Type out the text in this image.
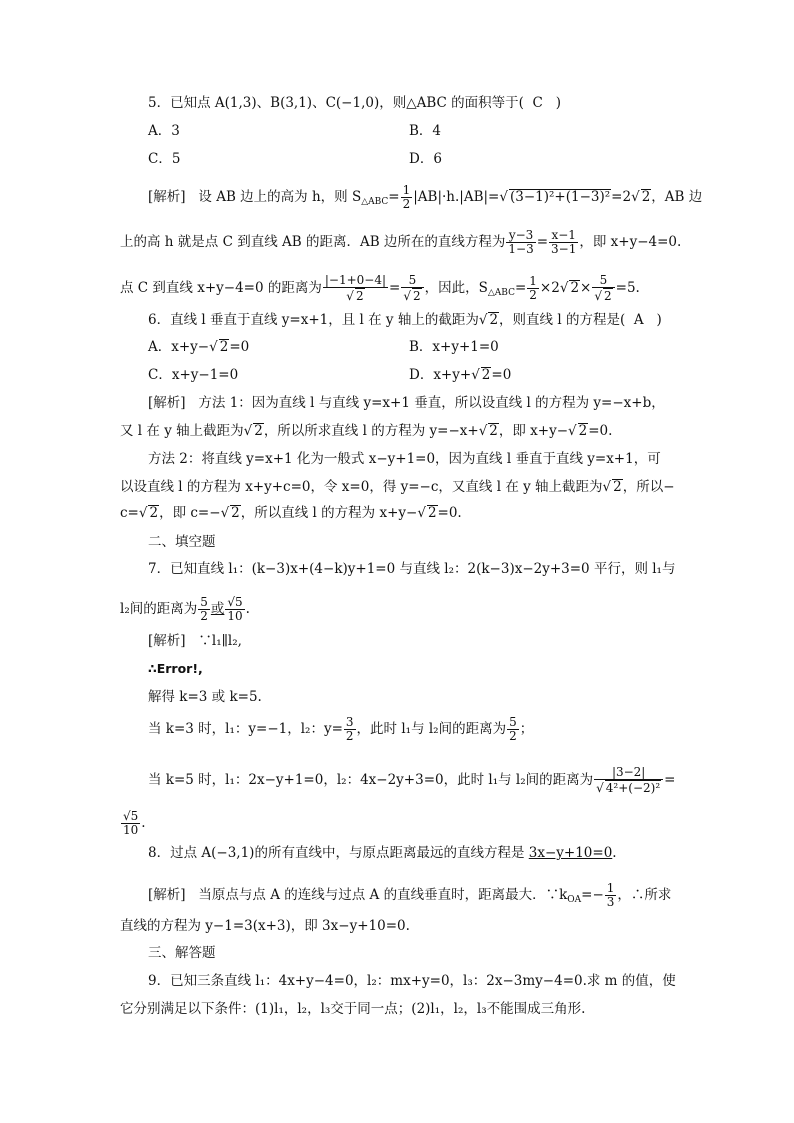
5．已知点 A(1,3)、B(3,1)、C(−1,0)，则△ABC 的面积等于( C )
A．3	B．4
C．5	D．6
[解析] 设 AB 边上的高为 h，则 $S_{\triangle ABC}= \frac{1}{2} |AB|\cdot h.|AB|=√$ (3−1)²+(1−3)²=2√ 2，AB 边
上的高 h 就是点 C 到直线 AB 的距离．AB 边所在的直线方程为 $\frac{y-3}{1-3} = \frac{x-1}{3-1}$ ，即 x+y−4=0.
点 C 到直线 x+y−4=0 的距离为 $\frac{|-1+0-4|}{√ 2} = \frac{5}{√ 2}$ ，因此，$S_{\triangle ABC}= \frac{1}{2} \times 2√$ $2\times \frac{5}{√ 2} =5$.
6．直线 l 垂直于直线 y=x+1，且 l 在 y 轴上的截距为√ 2，则直线 l 的方程是( A )
A．x+y−√ 2=0	B．x+y+1=0
C．x+y−1=0	D．x+y+√ 2=0
[解析] 方法 1：因为直线 l 与直线 y=x+1 垂直，所以设直线 l 的方程为 y=−x+b，
又 l 在 y 轴上截距为√ 2，所以所求直线 l 的方程为 y=−x+√ 2，即 x+y−√ 2=0.
方法 2：将直线 y=x+1 化为一般式 x−y+1=0，因为直线 l 垂直于直线 y=x+1，可
以设直线 l 的方程为 x+y+c=0，令 x=0，得 y=−c，又直线 l 在 y 轴上截距为√ 2，所以−
c=√ 2，即 c=−√ 2，所以直线 l 的方程为 x+y−√ 2=0.
二、填空题
7．已知直线 l₁：(k−3)x+(4−k)y+1=0 与直线 l₂：2(k−3)x−2y+3=0 平行，则 l₁与
l₂间的距离为 $\frac{5}{2}$ 或 $\frac{√5}{10}$ .
[解析] ∵l₁∥l₂,
∴Error!,
解得 k=3 或 k=5.
当 k=3 时，l₁：y=−1，l₂：$y= \frac{3}{2}$ ，此时 l₁与 l₂间的距离为 $\frac{5}{2}$ ；
当 k=5 时，l₁：2x−y+1=0，l₂：4x−2y+3=0，此时 l₁与 l₂间的距离为 $\frac{|3-2|}{\text{√ 4²+(−2)²}}$ =
$\frac{√5}{10}$ .
8．过点 A(−3,1)的所有直线中，与原点距离最远的直线方程是 3x−y+10=0.
[解析] 当原点与点 A 的连线与过点 A 的直线垂直时，距离最大．$\because k_{OA}=- \frac{1}{3}$ ，∴所求
直线的方程为 y−1=3(x+3)，即 3x−y+10=0.
三、解答题
9．已知三条直线 l₁：4x+y−4=0，l₂：mx+y=0，l₃：2x−3my−4=0.求 m 的值，使
它分别满足以下条件：(1)l₁，l₂，l₃交于同一点；(2)l₁，l₂，l₃不能围成三角形.
